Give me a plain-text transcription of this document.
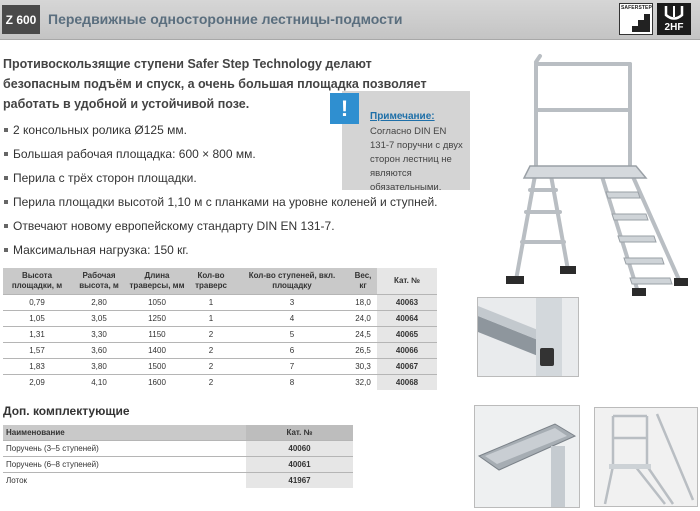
Z 600 Передвижные односторонние лестницы-подмости
SAFERSTEP
2HF
Противоскользящие ступени Safer Step Technology делают безопасным подъём и спуск, а очень большая площадка позволяет работать в удобной и устойчивой позе.
2 консольных ролика Ø125 мм.
Большая рабочая площадка: 600 × 800 мм.
Перила с трёх сторон площадки.
Перила площадки высотой 1,10 м с планками на уровне коленей и ступней.
Отвечают новому европейскому стандарту DIN EN 131-7.
Максимальная нагрузка: 150 кг.
!	Примечание:
Согласно DIN EN 131-7 поручни с двух сторон лестниц не являются обязательными.
Высота площадки, м	Рабочая высота, м	Длина траверсы, мм	Кол-во траверс	Кол-во ступеней, вкл. площадку	Вес, кг	Кат. №
0,79	2,80	1050	1	3	18,0	40063
1,05	3,05	1250	1	4	24,0	40064
1,31	3,30	1150	2	5	24,5	40065
1,57	3,60	1400	2	6	26,5	40066
1,83	3,80	1500	2	7	30,3	40067
2,09	4,10	1600	2	8	32,0	40068
Доп. комплектующие
Наименование	Кат. №
Поручень (3–5 ступеней)	40060
Поручень (6–8 ступеней)	40061
Лоток	41967
